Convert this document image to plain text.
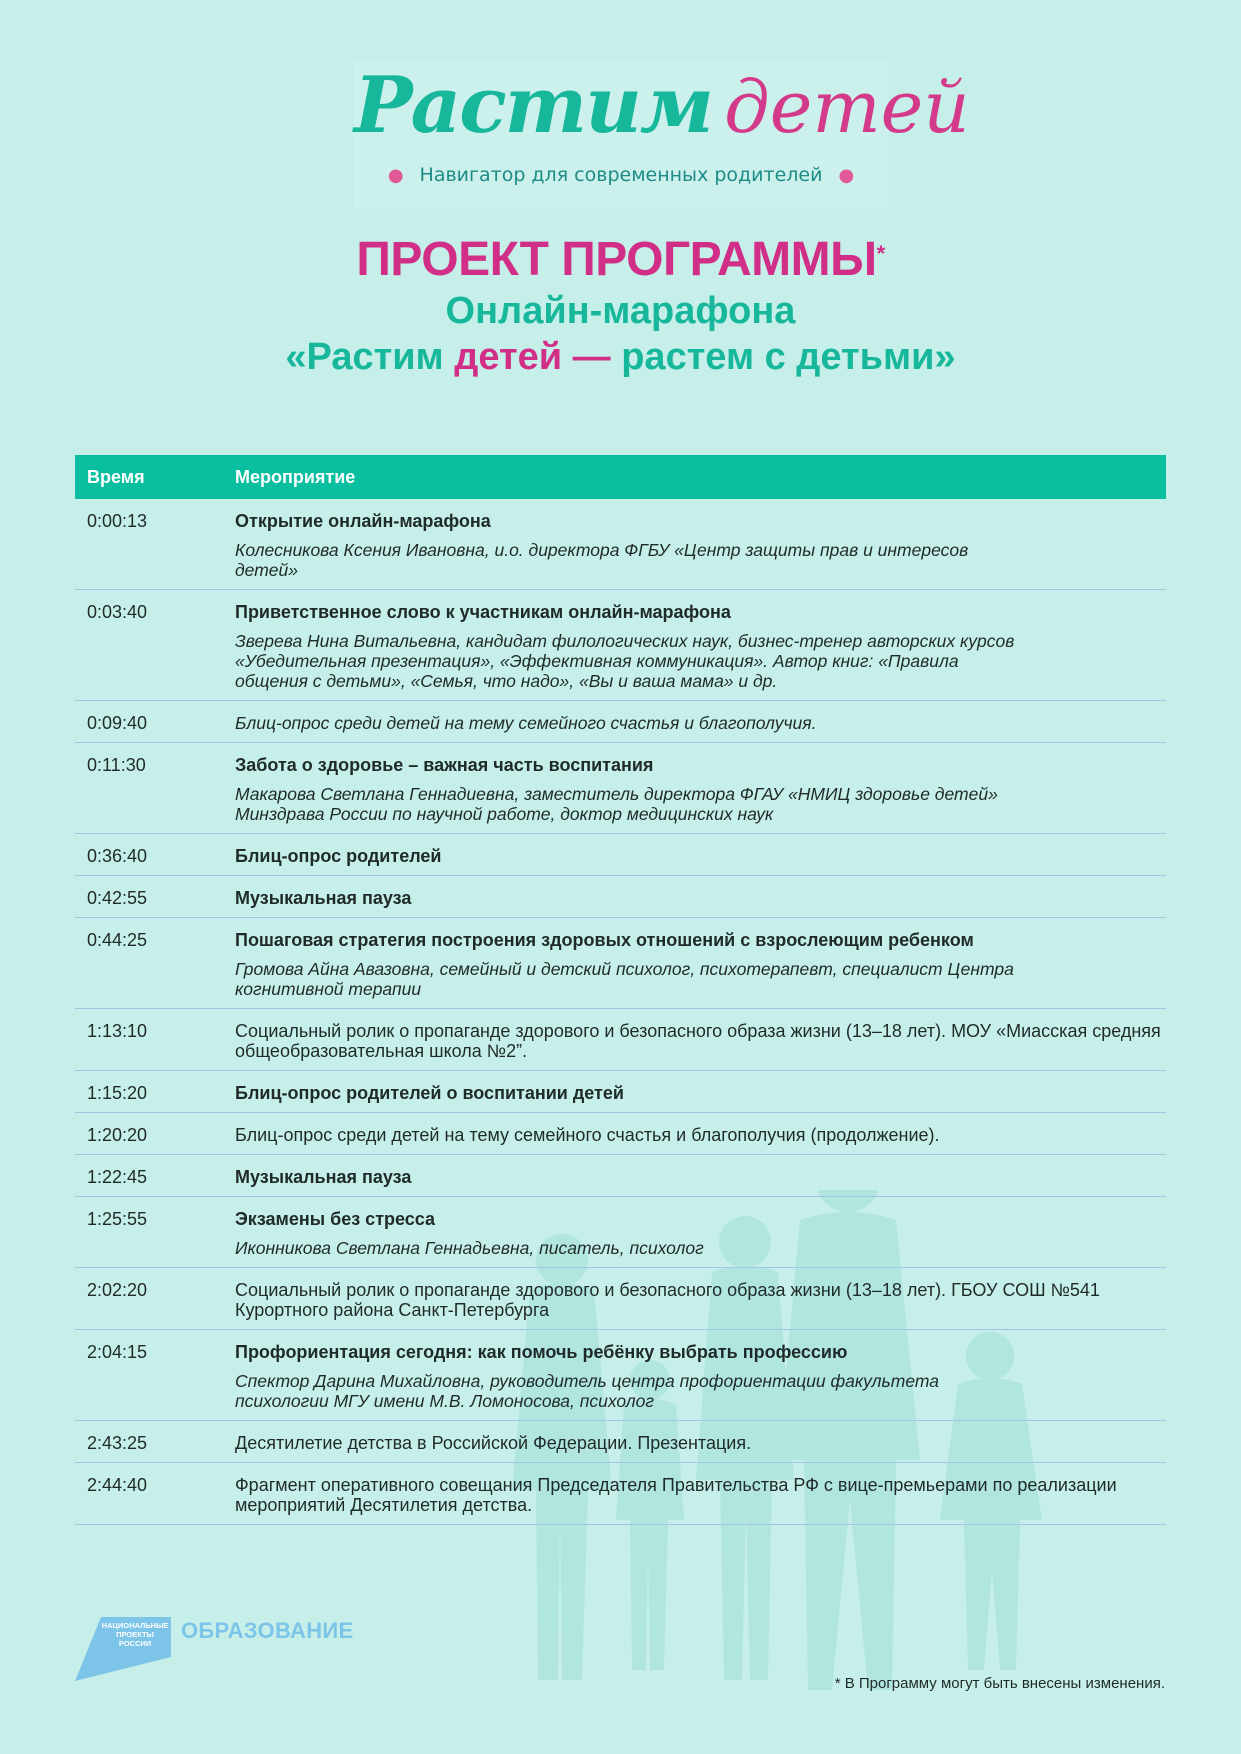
Растим детей
● Навигатор для современных родителей ●
ПРОЕКТ ПРОГРАММЫ*
Онлайн-марафона
«Растим детей — растем с детьми»
Время	Мероприятие
0:00:13	Открытие онлайн-марафона
Колесникова Ксения Ивановна, и.о. директора ФГБУ «Центр защиты прав и интересов детей»
0:03:40	Приветственное слово к участникам онлайн-марафона
Зверева Нина Витальевна, кандидат филологических наук, бизнес-тренер авторских курсов «Убедительная презентация», «Эффективная коммуникация». Автор книг: «Правила общения с детьми», «Семья, что надо», «Вы и ваша мама» и др.
0:09:40	Блиц-опрос среди детей на тему семейного счастья и благополучия.
0:11:30	Забота о здоровье – важная часть воспитания
Макарова Светлана Геннадиевна, заместитель директора ФГАУ «НМИЦ здоровье детей» Минздрава России по научной работе, доктор медицинских наук
0:36:40	Блиц-опрос родителей
0:42:55	Музыкальная пауза
0:44:25	Пошаговая стратегия построения здоровых отношений с взрослеющим ребенком
Громова Айна Авазовна, семейный и детский психолог, психотерапевт, специалист Центра когнитивной терапии
1:13:10	Социальный ролик о пропаганде здорового и безопасного образа жизни (13–18 лет). МОУ «Миасская средняя общеобразовательная школа №2”.
1:15:20	Блиц-опрос родителей о воспитании детей
1:20:20	Блиц-опрос среди детей на тему семейного счастья и благополучия (продолжение).
1:22:45	Музыкальная пауза
1:25:55	Экзамены без стресса
Иконникова Светлана Геннадьевна, писатель, психолог
2:02:20	Социальный ролик о пропаганде здорового и безопасного образа жизни (13–18 лет). ГБОУ СОШ №541 Курортного района Санкт-Петербурга
2:04:15	Профориентация сегодня: как помочь ребёнку выбрать профессию
Спектор Дарина Михайловна, руководитель центра профориентации факультета психологии МГУ имени М.В. Ломоносова, психолог
2:43:25	Десятилетие детства в Российской Федерации. Презентация.
2:44:40	Фрагмент оперативного совещания Председателя Правительства РФ с вице-премьерами по реализации мероприятий Десятилетия детства.
НАЦИОНАЛЬНЫЕ
ПРОЕКТЫ
РОССИИ
ОБРАЗОВАНИЕ
* В Программу могут быть внесены изменения.
